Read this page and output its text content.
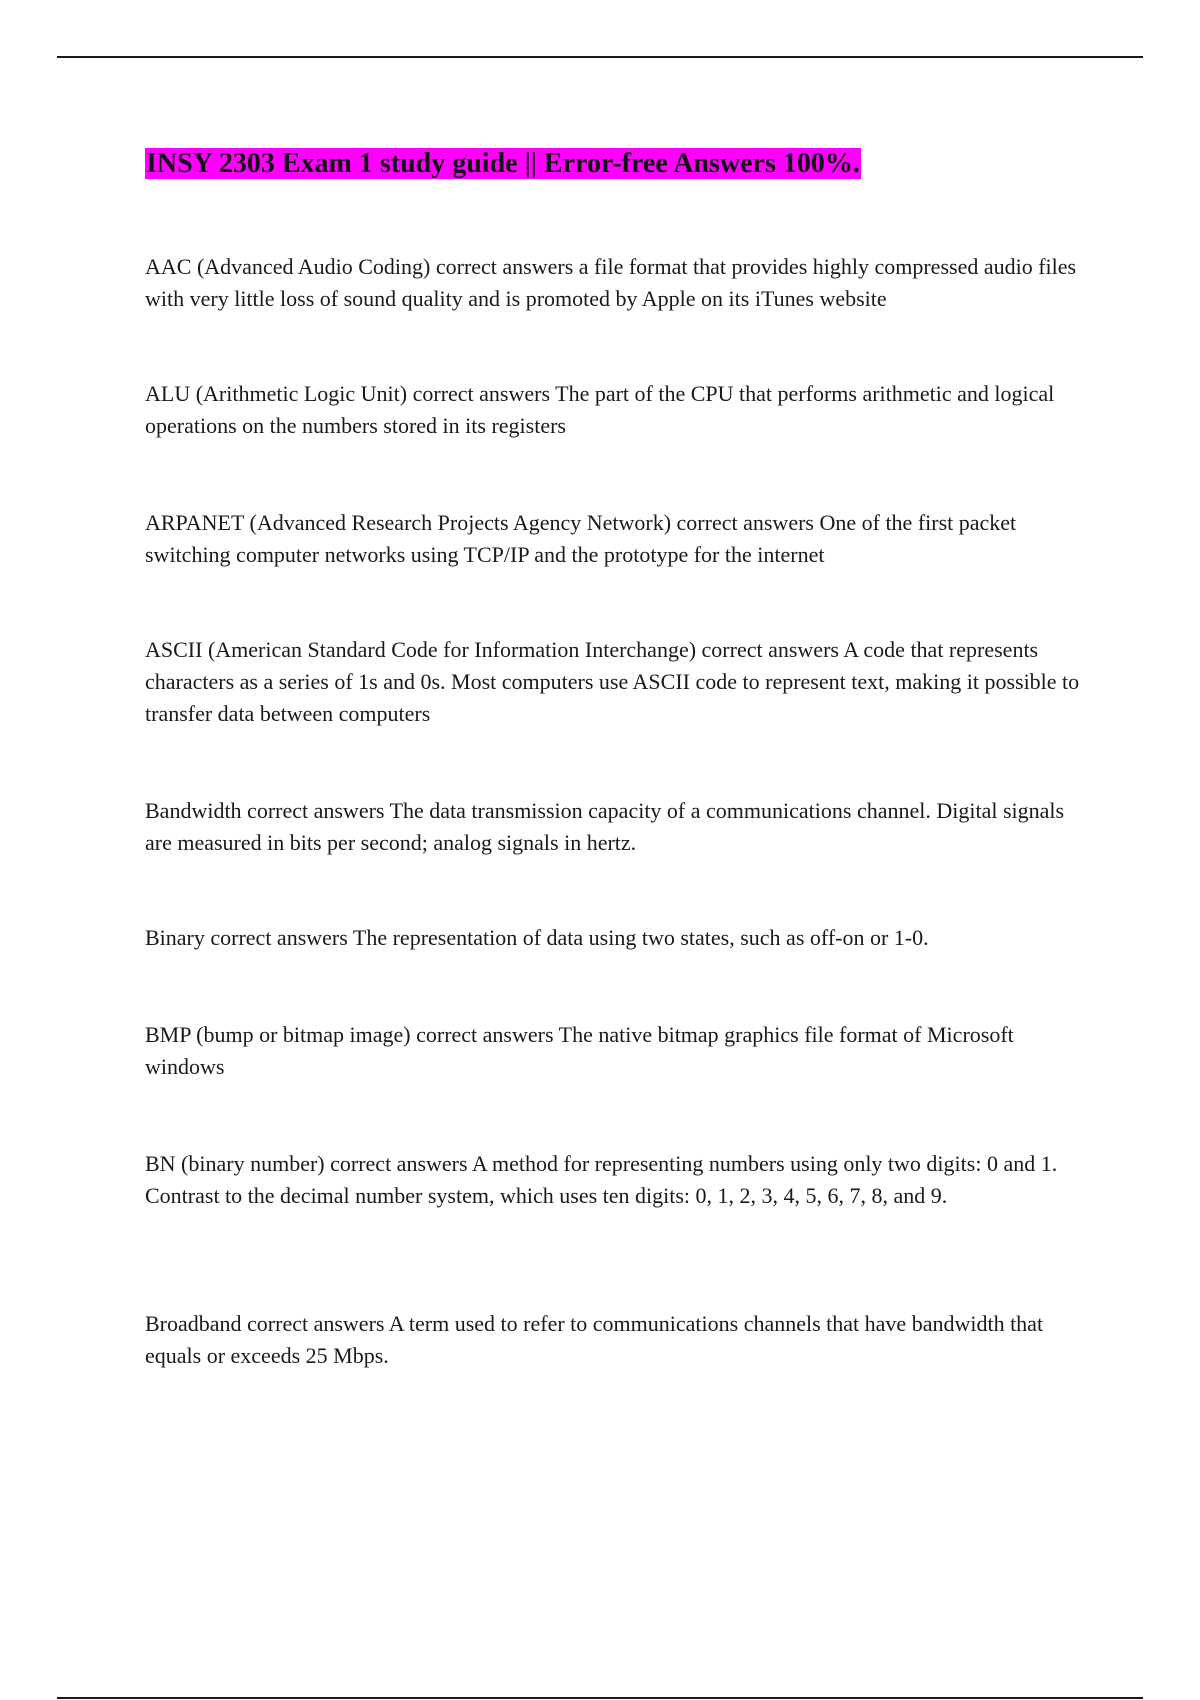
INSY 2303 Exam 1 study guide || Error-free Answers 100%.

AAC (Advanced Audio Coding) correct answers a file format that provides highly compressed audio files with very little loss of sound quality and is promoted by Apple on its iTunes website

ALU (Arithmetic Logic Unit) correct answers The part of the CPU that performs arithmetic and logical operations on the numbers stored in its registers

ARPANET (Advanced Research Projects Agency Network) correct answers One of the first packet switching computer networks using TCP/IP and the prototype for the internet

ASCII (American Standard Code for Information Interchange) correct answers A code that represents characters as a series of 1s and 0s. Most computers use ASCII code to represent text, making it possible to transfer data between computers

Bandwidth correct answers The data transmission capacity of a communications channel. Digital signals are measured in bits per second; analog signals in hertz.

Binary correct answers The representation of data using two states, such as off-on or 1-0.

BMP (bump or bitmap image) correct answers The native bitmap graphics file format of Microsoft windows

BN (binary number) correct answers A method for representing numbers using only two digits: 0 and 1. Contrast to the decimal number system, which uses ten digits: 0, 1, 2, 3, 4, 5, 6, 7, 8, and 9.

Broadband correct answers A term used to refer to communications channels that have bandwidth that equals or exceeds 25 Mbps.
